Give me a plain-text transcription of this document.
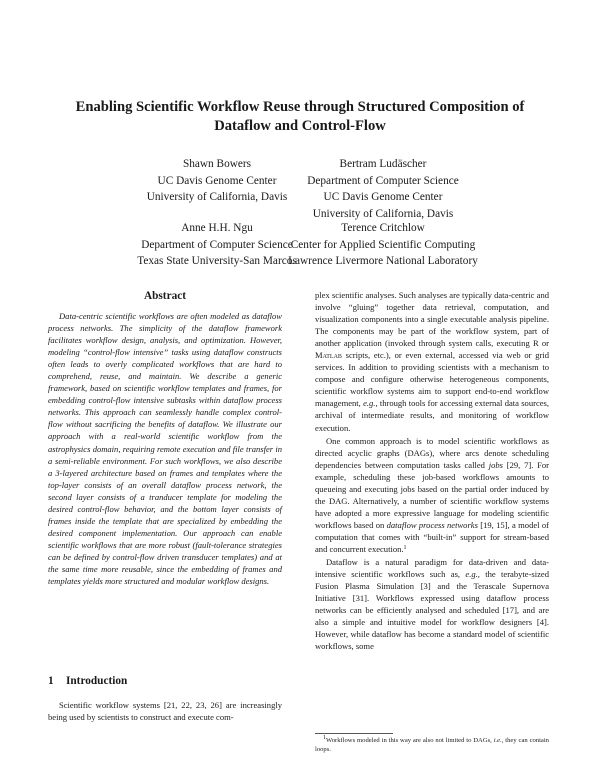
Enabling Scientific Workflow Reuse through Structured Composition of
Dataflow and Control-Flow
Shawn Bowers
UC Davis Genome Center
University of California, Davis
Bertram Ludäscher
Department of Computer Science
UC Davis Genome Center
University of California, Davis
Anne H.H. Ngu
Department of Computer Science
Texas State University-San Marcos
Terence Critchlow
Center for Applied Scientific Computing
Lawrence Livermore National Laboratory
Abstract
Data-centric scientific workflows are often modeled as dataflow process networks. The simplicity of the dataflow framework facilitates workflow design, analysis, and optimization. However, modeling “control-flow intensive” tasks using dataflow constructs often leads to overly complicated workflows that are hard to comprehend, reuse, and maintain. We describe a generic framework, based on scientific workflow templates and frames, for embedding control-flow intensive subtasks within dataflow process networks. This approach can seamlessly handle complex control-flow without sacrificing the benefits of dataflow. We illustrate our approach with a real-world scientific workflow from the astrophysics domain, requiring remote execution and file transfer in a semi-reliable environment. For such workflows, we also describe a 3-layered architecture based on frames and templates where the top-layer consists of an overall dataflow process network, the second layer consists of a tranducer template for modeling the desired control-flow behavior, and the bottom layer consists of frames inside the template that are specialized by embedding the desired component implementation. Our approach can enable scientific workflows that are more robust (fault-tolerance strategies can be defined by control-flow driven transducer templates) and at the same time more reusable, since the embedding of frames and templates yields more structured and modular workflow designs.
1 Introduction
Scientific workflow systems [21, 22, 23, 26] are increasingly being used by scientists to construct and execute com-

plex scientific analyses. Such analyses are typically data-centric and involve “gluing” together data retrieval, computation, and visualization components into a single executable analysis pipeline. The components may be part of the workflow system, part of another application (invoked through system calls, executing R or Matlab scripts, etc.), or even external, accessed via web or grid services. In addition to providing scientists with a mechanism to compose and configure otherwise heterogeneous components, scientific workflow systems aim to support end-to-end workflow management, e.g., through tools for accessing external data sources, archival of intermediate results, and monitoring of workflow execution.

One common approach is to model scientific workflows as directed acyclic graphs (DAGs), where arcs denote scheduling dependencies between computation tasks called jobs [29, 7]. For example, scheduling these job-based workflows amounts to queueing and executing jobs based on the partial order induced by the DAG. Alternatively, a number of scientific workflow systems have adopted a more expressive language for modeling scientific workflows based on dataflow process networks [19, 15], a model of computation that comes with “built-in” support for stream-based and concurrent execution.$^1$

Dataflow is a natural paradigm for data-driven and data-intensive scientific workflows such as, e.g., the terabyte-sized Fusion Plasma Simulation [3] and the Terascale Supernova Initiative [31]. Workflows expressed using dataflow process networks can be efficiently analysed and scheduled [17], and are also a simple and intuitive model for workflow designers [4]. However, while dataflow has become a standard model of scientific workflows, some

$^1$Workflows modeled in this way are also not limited to DAGs, i.e., they can contain loops.
